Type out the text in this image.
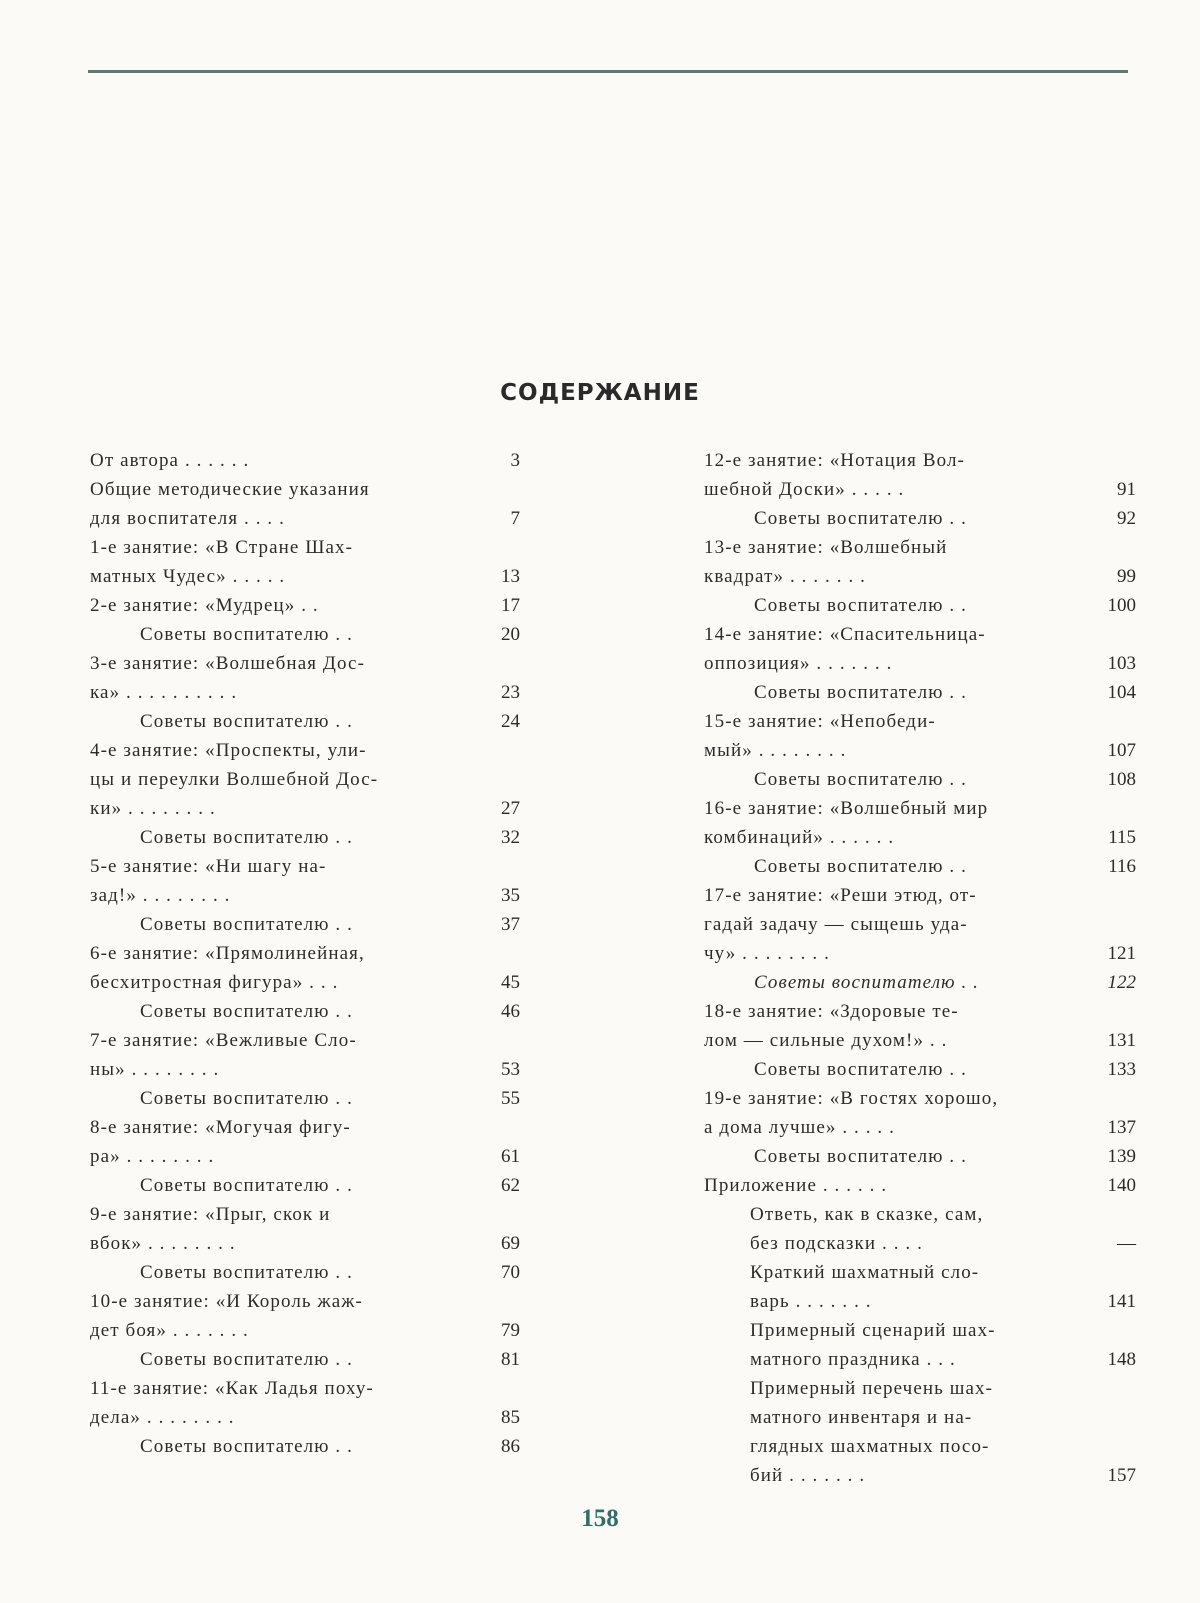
СОДЕРЖАНИЕ
От автора . . . . . .	3
Общие методические указания
для воспитателя . . . .	7
1-е занятие: «В Стране Шах-
матных Чудес» . . . . .	13
2-е занятие: «Мудрец» . .	17
Советы воспитателю . .	20
3-е занятие: «Волшебная Дос-
ка» . . . . . . . . . .	23
Советы воспитателю . .	24
4-е занятие: «Проспекты, ули-
цы и переулки Волшебной Дос-
ки» . . . . . . . .	27
Советы воспитателю . .	32
5-е занятие: «Ни шагу на-
зад!» . . . . . . . .	35
Советы воспитателю . .	37
6-е занятие: «Прямолинейная,
бесхитростная фигура» . . .	45
Советы воспитателю . .	46
7-е занятие: «Вежливые Сло-
ны» . . . . . . . .	53
Советы воспитателю . .	55
8-е занятие: «Могучая фигу-
ра» . . . . . . . .	61
Советы воспитателю . .	62
9-е занятие: «Прыг, скок и
вбок» . . . . . . . .	69
Советы воспитателю . .	70
10-е занятие: «И Король жаж-
дет боя» . . . . . . .	79
Советы воспитателю . .	81
11-е занятие: «Как Ладья поху-
дела» . . . . . . . .	85
Советы воспитателю . .	86
12-е занятие: «Нотация Вол-
шебной Доски» . . . . .	91
Советы воспитателю . .	92
13-е занятие: «Волшебный
квадрат» . . . . . . .	99
Советы воспитателю . .	100
14-е занятие: «Спасительница-
оппозиция» . . . . . . .	103
Советы воспитателю . .	104
15-е занятие: «Непобеди-
мый» . . . . . . . .	107
Советы воспитателю . .	108
16-е занятие: «Волшебный мир
комбинаций» . . . . . .	115
Советы воспитателю . .	116
17-е занятие: «Реши этюд, от-
гадай задачу — сыщешь уда-
чу» . . . . . . . .	121
Советы воспитателю . .	122
18-е занятие: «Здоровые те-
лом — сильные духом!» . .	131
Советы воспитателю . .	133
19-е занятие: «В гостях хорошо,
а дома лучше» . . . . .	137
Советы воспитателю . .	139
Приложение . . . . . .	140
Ответь, как в сказке, сам,
без подсказки . . . .	—
Краткий шахматный сло-
варь . . . . . . .	141
Примерный сценарий шах-
матного праздника . . .	148
Примерный перечень шах-
матного инвентаря и на-
глядных шахматных посо-
бий . . . . . . .	157
158
